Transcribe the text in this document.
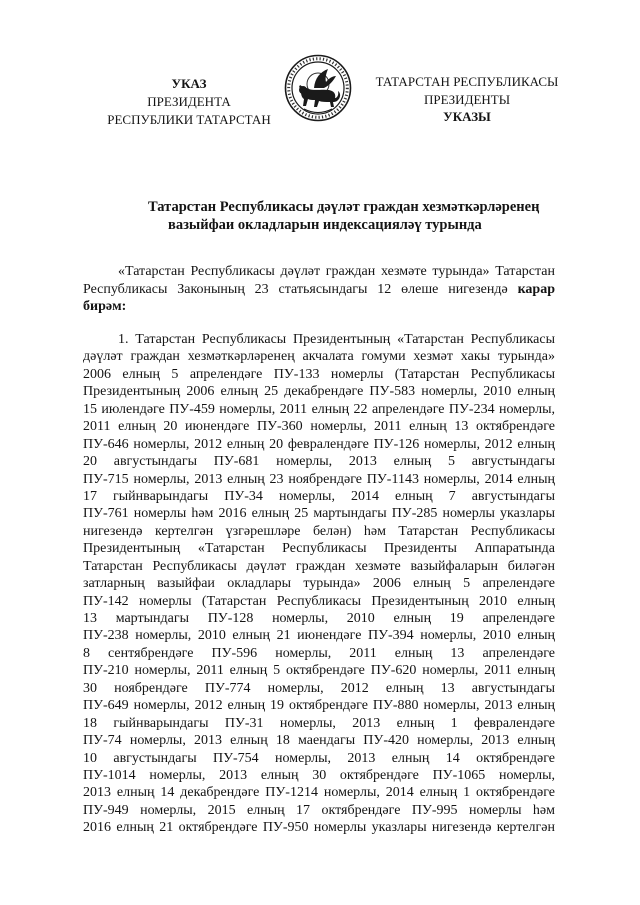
УКАЗ
ПРЕЗИДЕНТА
РЕСПУБЛИКИ ТАТАРСТАН
ТАТАРСТАН РЕСПУБЛИКАСЫ
ПРЕЗИДЕНТЫ
УКАЗЫ
Татарстан Республикасы дәүләт граждан хезмәткәрләренең
вазыйфаи окладларын индексацияләү турында
«Татарстан Республикасы дәүләт граждан хезмәте турында» Татарстан
Республикасы Законының 23 статьясындагы 12 өлеше нигезендә карар
бирәм:
1. Татарстан Республикасы Президентының «Татарстан Республикасы
дәүләт граждан хезмәткәрләренең акчалата гомуми хезмәт хакы турында»
2006 елның 5 апрелендәге ПУ-133 номерлы (Татарстан Республикасы
Президентының 2006 елның 25 декабрендәге ПУ-583 номерлы, 2010 елның
15 июлендәге ПУ-459 номерлы, 2011 елның 22 апрелендәге ПУ-234 номерлы,
2011 елның 20 июнендәге ПУ-360 номерлы, 2011 елның 13 октябрендәге
ПУ-646 номерлы, 2012 елның 20 февралендәге ПУ-126 номерлы, 2012 елның
20 августындагы ПУ-681 номерлы, 2013 елның 5 августындагы
ПУ-715 номерлы, 2013 елның 23 ноябрендәге ПУ-1143 номерлы, 2014 елның
17 гыйнварындагы ПУ-34 номерлы, 2014 елның 7 августындагы
ПУ-761 номерлы һәм 2016 елның 25 мартындагы ПУ-285 номерлы указлары
нигезендә кертелгән үзгәрешләре белән) һәм Татарстан Республикасы
Президентының «Татарстан Республикасы Президенты Аппаратында
Татарстан Республикасы дәүләт граждан хезмәте вазыйфаларын биләгән
затларның вазыйфаи окладлары турында» 2006 елның 5 апрелендәге
ПУ-142 номерлы (Татарстан Республикасы Президентының 2010 елның
13 мартындагы ПУ-128 номерлы, 2010 елның 19 апрелендәге
ПУ-238 номерлы, 2010 елның 21 июнендәге ПУ-394 номерлы, 2010 елның
8 сентябрендәге ПУ-596 номерлы, 2011 елның 13 апрелендәге
ПУ-210 номерлы, 2011 елның 5 октябрендәге ПУ-620 номерлы, 2011 елның
30 ноябрендәге ПУ-774 номерлы, 2012 елның 13 августындагы
ПУ-649 номерлы, 2012 елның 19 октябрендәге ПУ-880 номерлы, 2013 елның
18 гыйнварындагы ПУ-31 номерлы, 2013 елның 1 февралендәге
ПУ-74 номерлы, 2013 елның 18 маендагы ПУ-420 номерлы, 2013 елның
10 августындагы ПУ-754 номерлы, 2013 елның 14 октябрендәге
ПУ-1014 номерлы, 2013 елның 30 октябрендәге ПУ-1065 номерлы,
2013 елның 14 декабрендәге ПУ-1214 номерлы, 2014 елның 1 октябрендәге
ПУ-949 номерлы, 2015 елның 17 октябрендәге ПУ-995 номерлы һәм
2016 елның 21 октябрендәге ПУ-950 номерлы указлары нигезендә кертелгән
